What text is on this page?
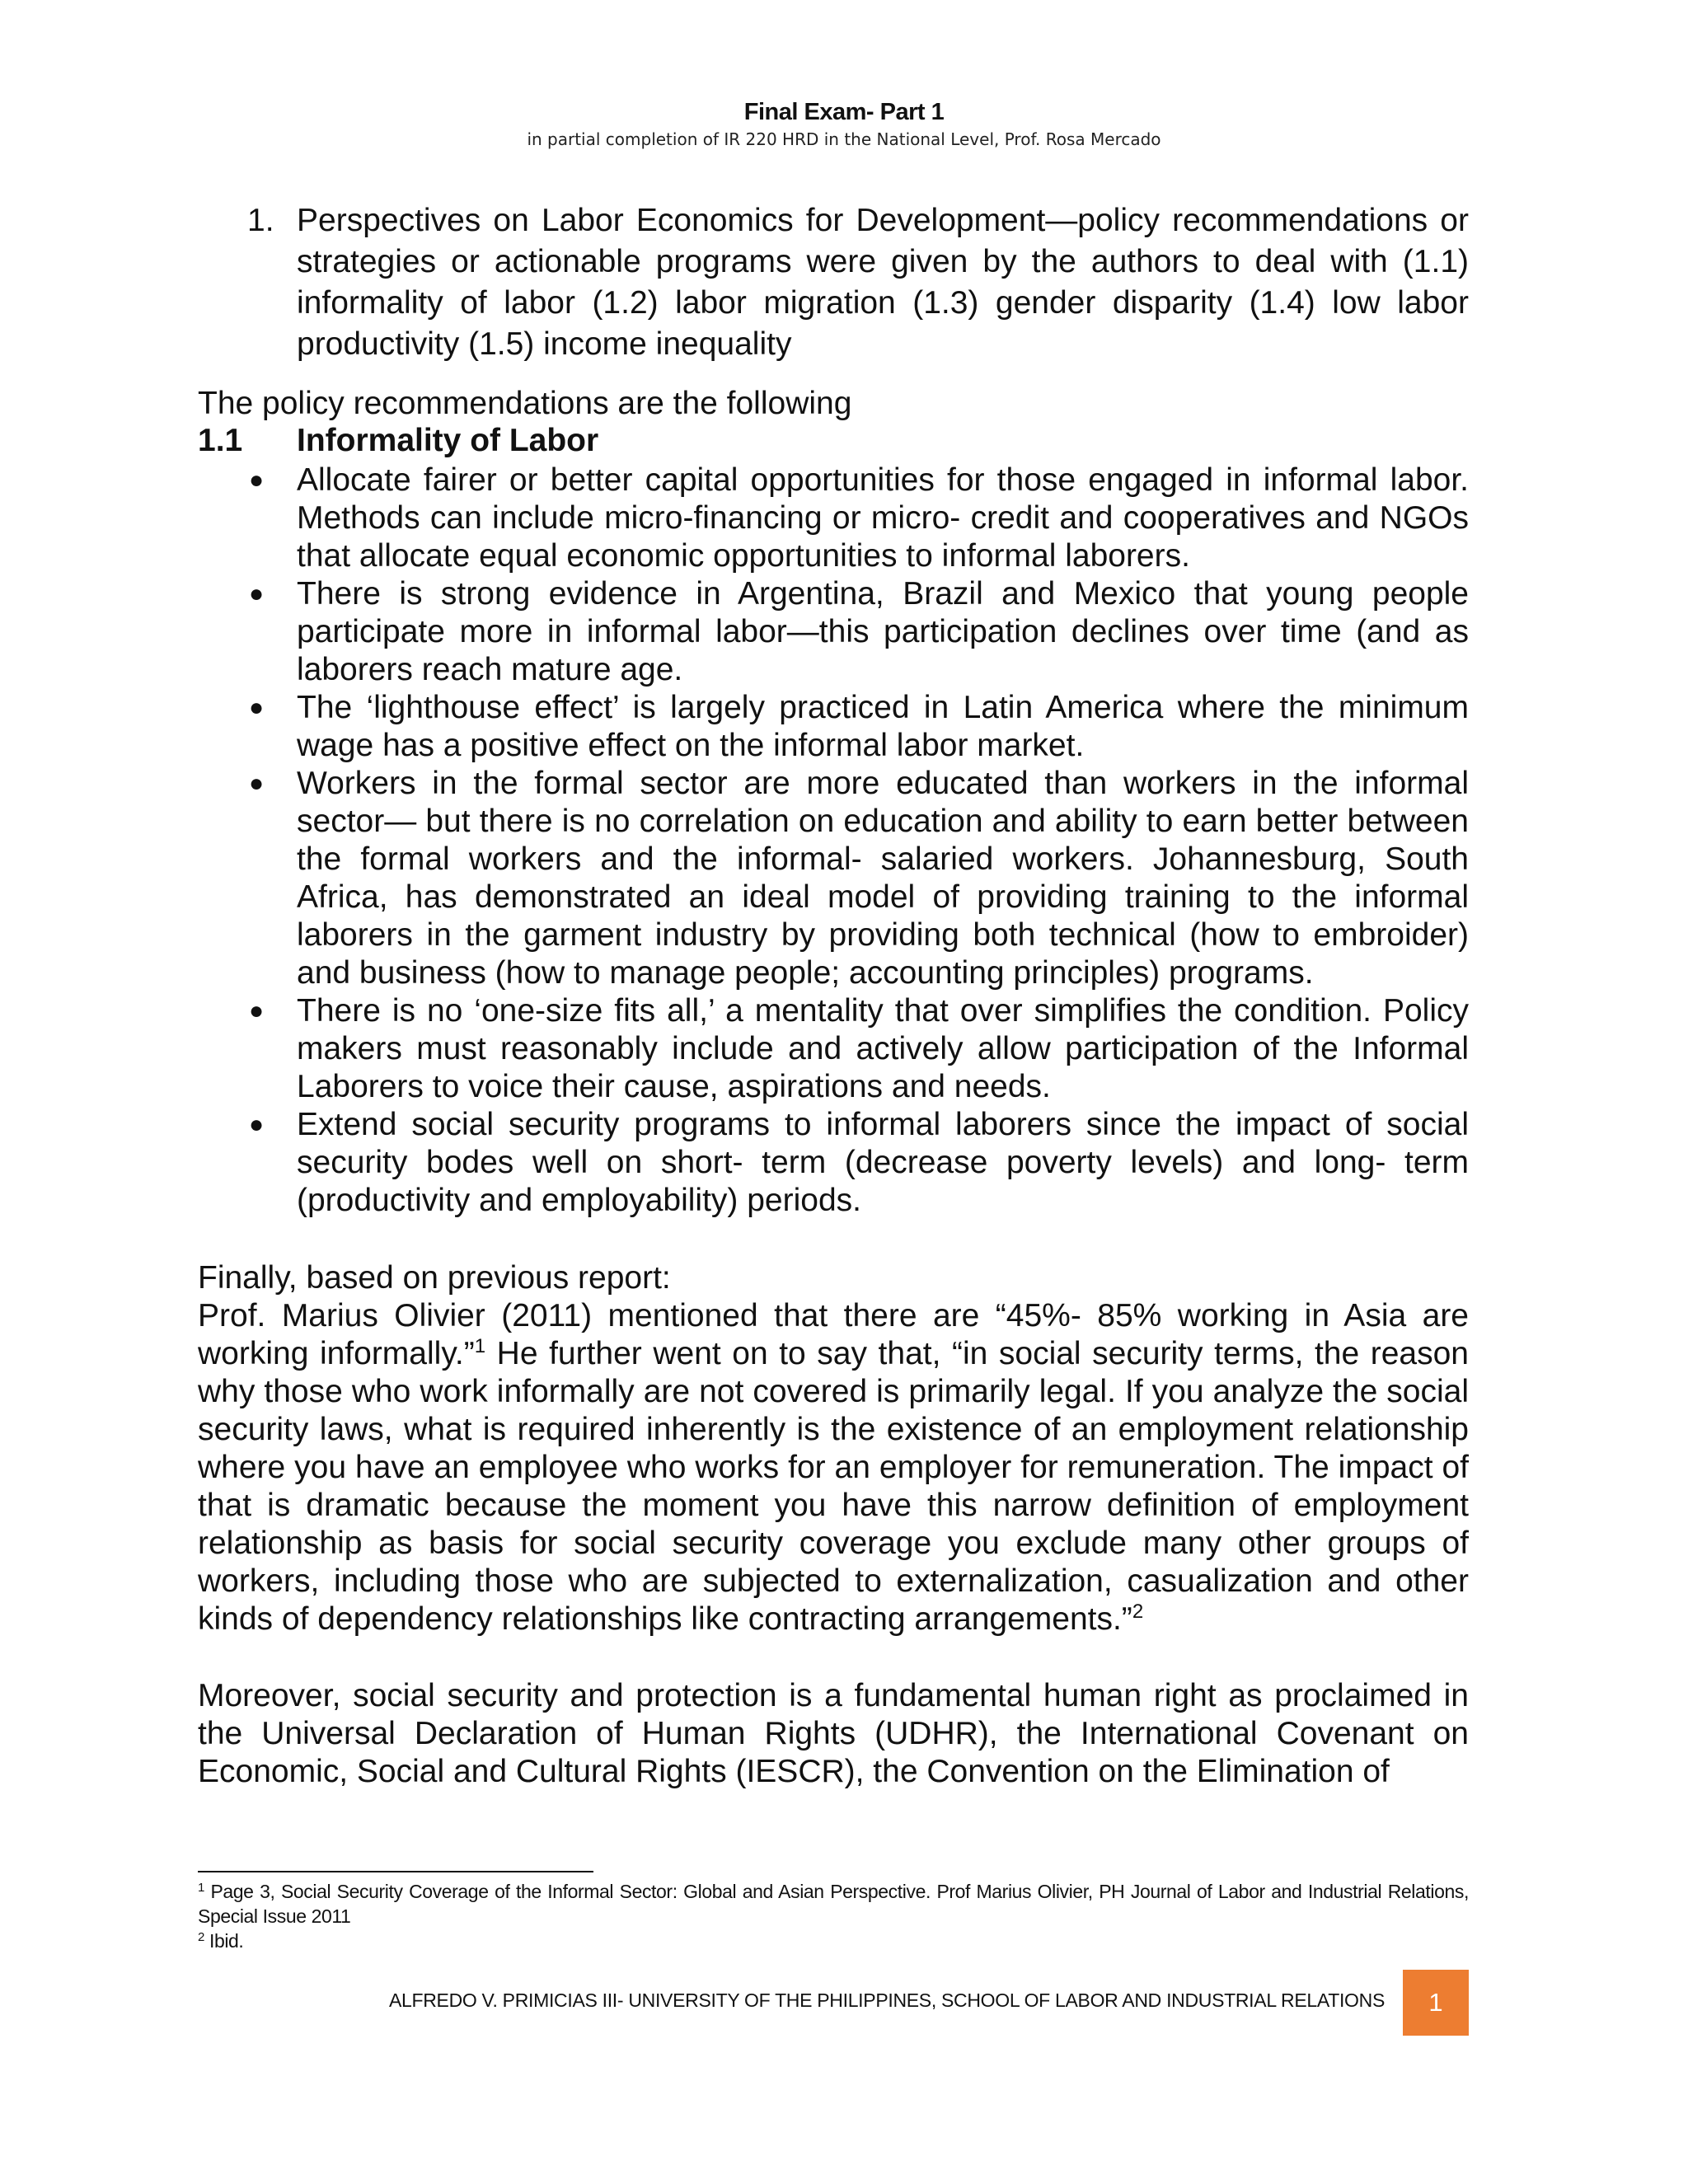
Final Exam- Part 1
in partial completion of IR 220 HRD in the National Level, Prof. Rosa Mercado
1. Perspectives on Labor Economics for Development—policy recommendations or strategies or actionable programs were given by the authors to deal with (1.1) informality of labor (1.2) labor migration (1.3) gender disparity (1.4) low labor productivity (1.5) income inequality
The policy recommendations are the following
1.1 Informality of Labor
● Allocate fairer or better capital opportunities for those engaged in informal labor. Methods can include micro-financing or micro- credit and cooperatives and NGOs that allocate equal economic opportunities to informal laborers.
● There is strong evidence in Argentina, Brazil and Mexico that young people participate more in informal labor—this participation declines over time (and as laborers reach mature age.
● The ‘lighthouse effect’ is largely practiced in Latin America where the minimum wage has a positive effect on the informal labor market.
● Workers in the formal sector are more educated than workers in the informal sector— but there is no correlation on education and ability to earn better between the formal workers and the informal- salaried workers. Johannesburg, South Africa, has demonstrated an ideal model of providing training to the informal laborers in the garment industry by providing both technical (how to embroider) and business (how to manage people; accounting principles) programs.
● There is no ‘one-size fits all,’ a mentality that over simplifies the condition. Policy makers must reasonably include and actively allow participation of the Informal Laborers to voice their cause, aspirations and needs.
● Extend social security programs to informal laborers since the impact of social security bodes well on short- term (decrease poverty levels) and long- term (productivity and employability) periods.
Finally, based on previous report:
Prof. Marius Olivier (2011) mentioned that there are “45%- 85% working in Asia are working informally.”$^1$ He further went on to say that, “in social security terms, the reason why those who work informally are not covered is primarily legal. If you analyze the social security laws, what is required inherently is the existence of an employment relationship where you have an employee who works for an employer for remuneration. The impact of that is dramatic because the moment you have this narrow definition of employment relationship as basis for social security coverage you exclude many other groups of workers, including those who are subjected to externalization, casualization and other kinds of dependency relationships like contracting arrangements.”$^2$
Moreover, social security and protection is a fundamental human right as proclaimed in the Universal Declaration of Human Rights (UDHR), the International Covenant on Economic, Social and Cultural Rights (IESCR), the Convention on the Elimination of
$^1$ Page 3, Social Security Coverage of the Informal Sector: Global and Asian Perspective. Prof Marius Olivier, PH Journal of Labor and Industrial Relations, Special Issue 2011
$^2$ Ibid.
ALFREDO V. PRIMICIAS III- UNIVERSITY OF THE PHILIPPINES, SCHOOL OF LABOR AND INDUSTRIAL RELATIONS	1
